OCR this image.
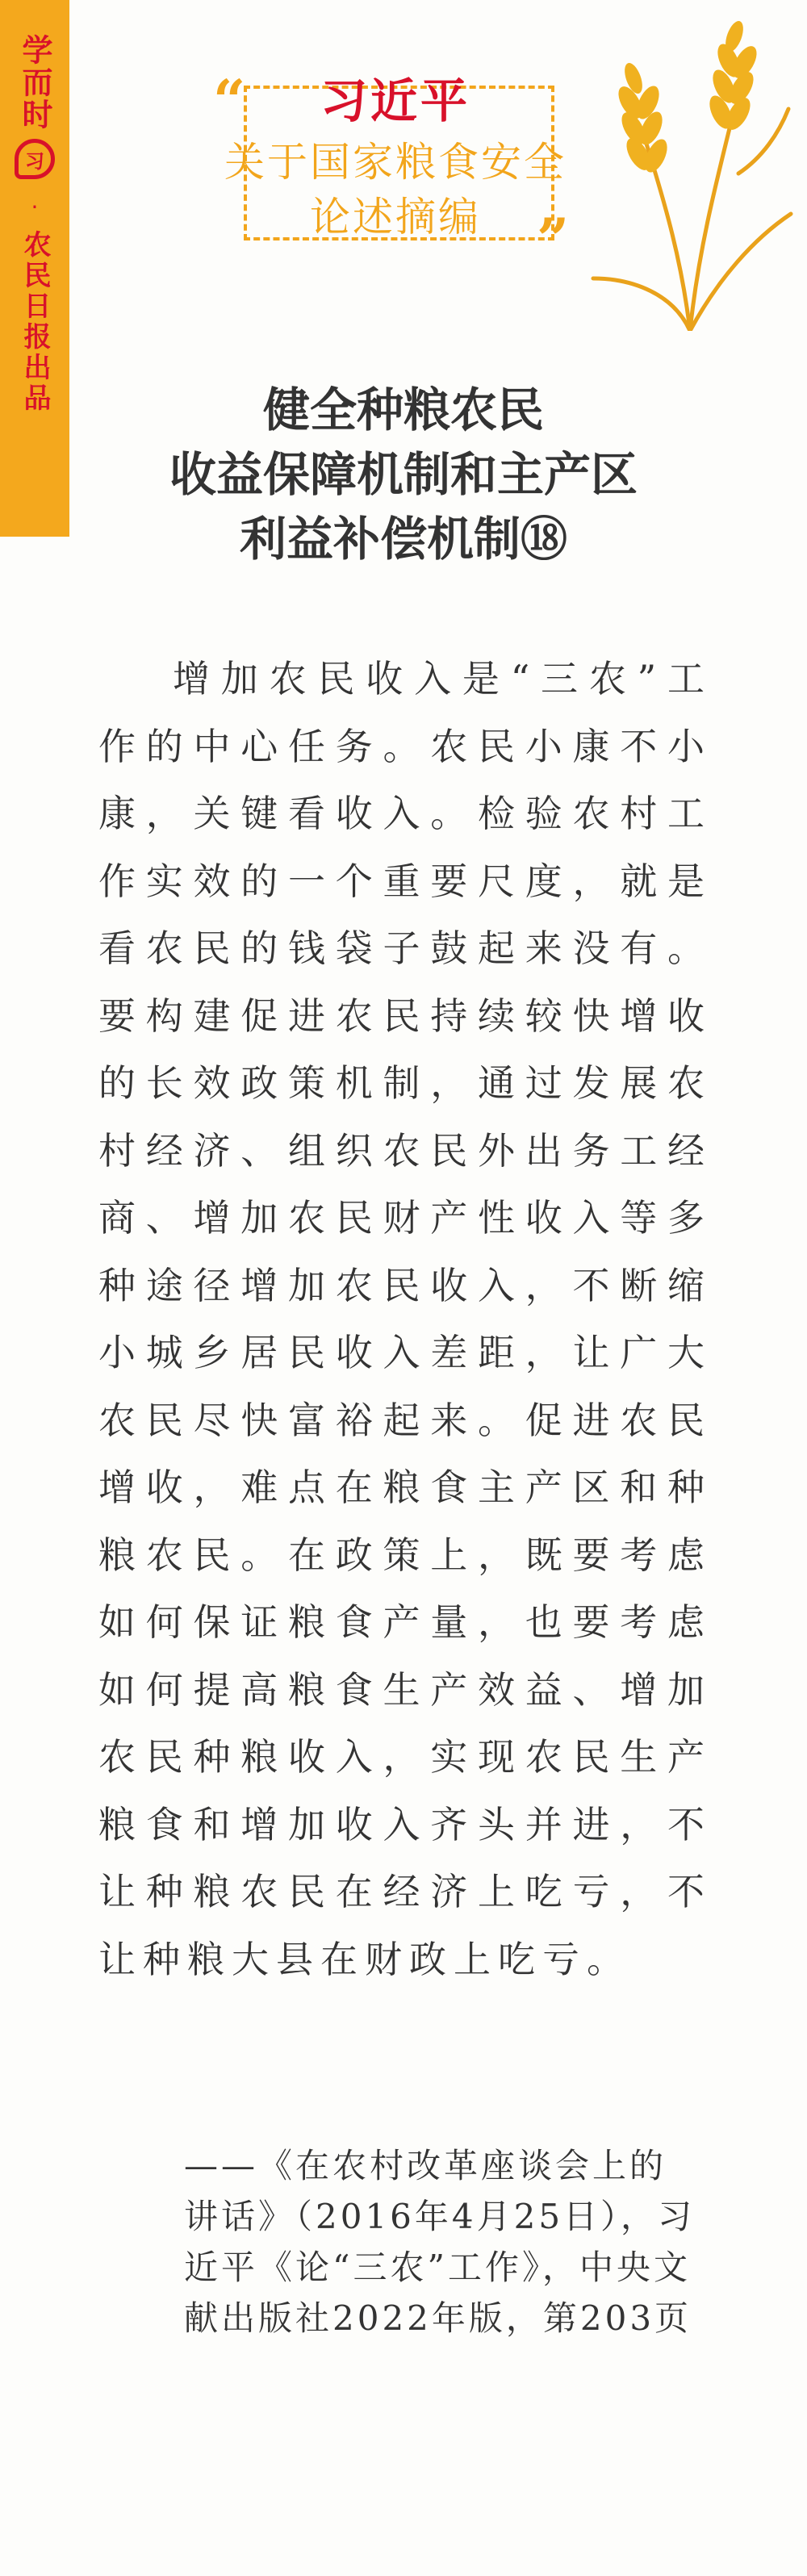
学而时
习
·
农民日报出品
“
”
习近平
关于国家粮食安全
论述摘编
健全种粮农民
收益保障机制和主产区
利益补偿机制⑱
增加农民收入是“三农”工作的中心任务。农民小康不小康，关键看收入。检验农村工作实效的一个重要尺度，就是看农民的钱袋子鼓起来没有。要构建促进农民持续较快增收的长效政策机制，通过发展农村经济、组织农民外出务工经商、增加农民财产性收入等多种途径增加农民收入，不断缩小城乡居民收入差距，让广大农民尽快富裕起来。促进农民增收，难点在粮食主产区和种粮农民。在政策上，既要考虑如何保证粮食产量，也要考虑如何提高粮食生产效益、增加农民种粮收入，实现农民生产粮食和增加收入齐头并进，不让种粮农民在经济上吃亏，不让种粮大县在财政上吃亏。
——《在农村改革座谈会上的讲话》（2016年4月25日），习近平《论“三农”工作》，中央文献出版社2022年版，第203页
